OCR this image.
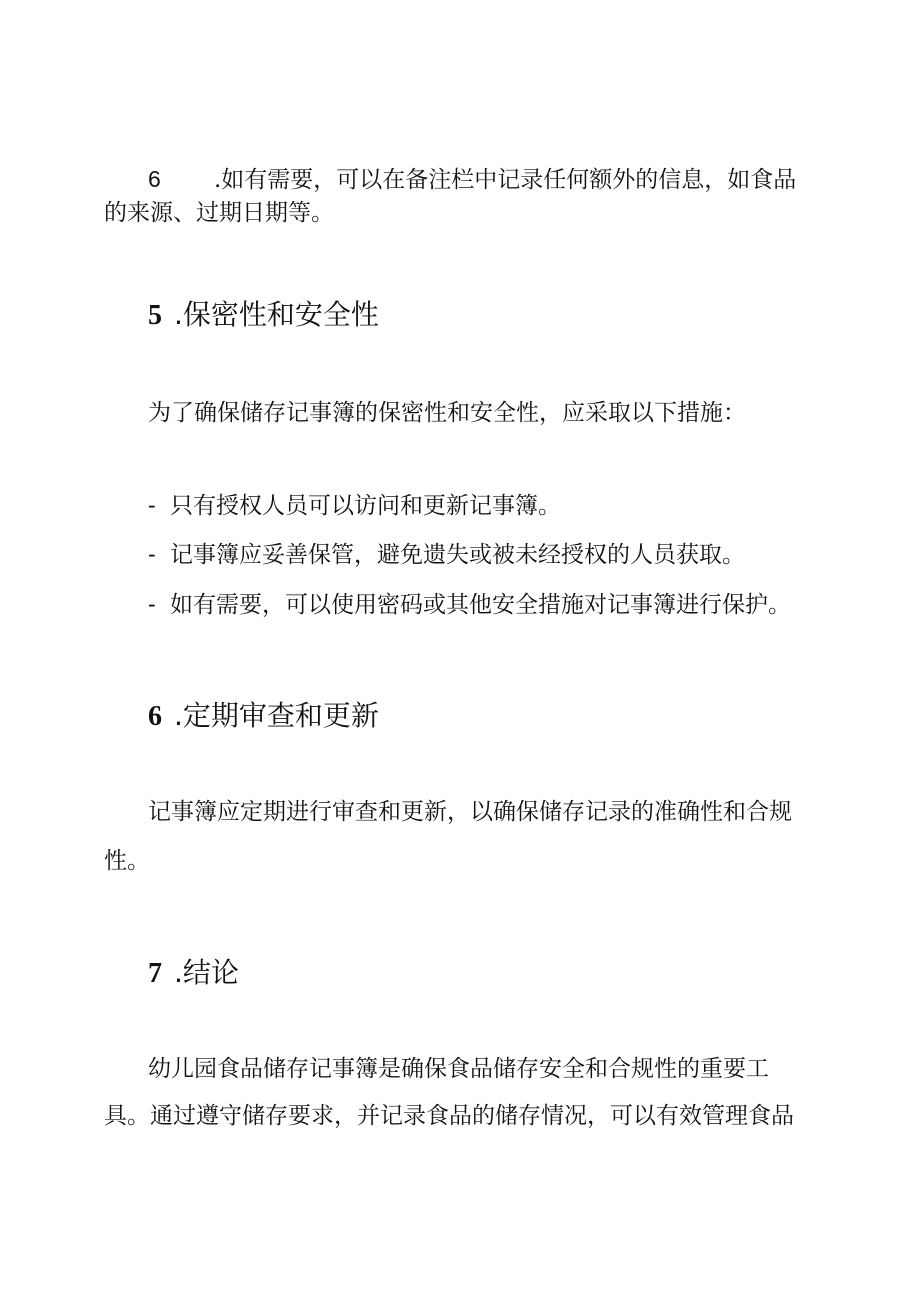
6 .如有需要，可以在备注栏中记录任何额外的信息，如食品
的来源、过期日期等。
5 .保密性和安全性
为了确保储存记事簿的保密性和安全性，应采取以下措施：
- 只有授权人员可以访问和更新记事簿。
- 记事簿应妥善保管，避免遗失或被未经授权的人员获取。
- 如有需要，可以使用密码或其他安全措施对记事簿进行保护。
6 .定期审查和更新
记事簿应定期进行审查和更新，以确保储存记录的准确性和合规
性。
7 .结论
幼儿园食品储存记事簿是确保食品储存安全和合规性的重要工
具。通过遵守储存要求，并记录食品的储存情况，可以有效管理食品
